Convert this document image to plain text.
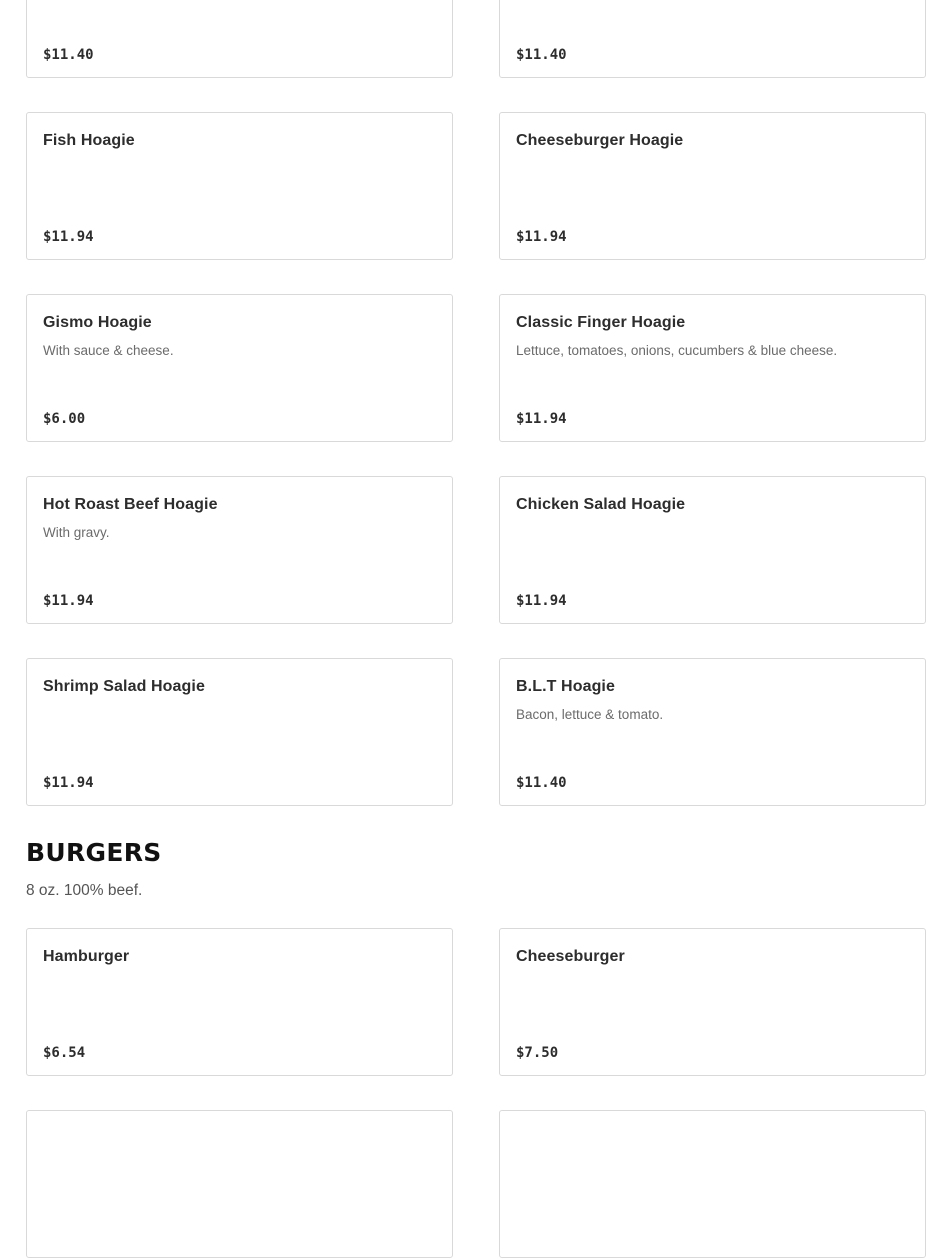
$11.40	$11.40
Fish Hoagie
$11.94
Cheeseburger Hoagie
$11.94
Gismo Hoagie
With sauce & cheese.
$6.00
Classic Finger Hoagie
Lettuce, tomatoes, onions, cucumbers & blue cheese.
$11.94
Hot Roast Beef Hoagie
With gravy.
$11.94
Chicken Salad Hoagie
$11.94
Shrimp Salad Hoagie
$11.94
B.L.T Hoagie
Bacon, lettuce & tomato.
$11.40
BURGERS

8 oz. 100% beef.

Hamburger
$6.54
Cheeseburger
$7.50
